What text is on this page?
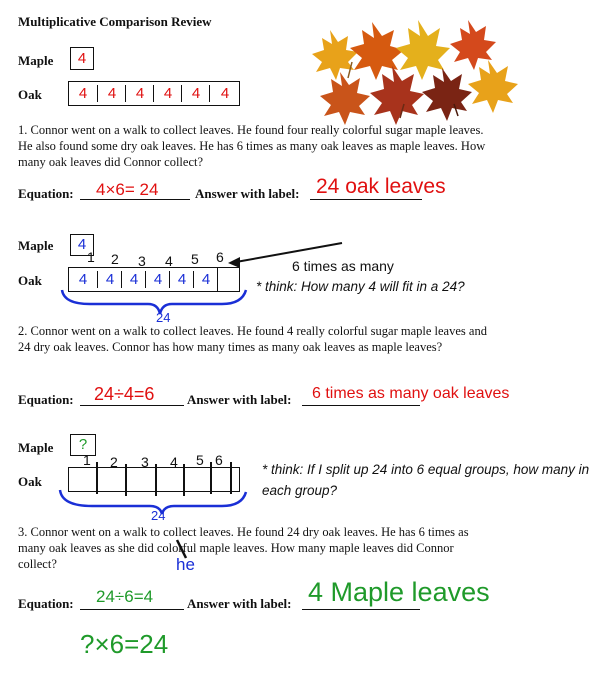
Multiplicative Comparison Review
Maple	4
Oak	4	4	4	4	4	4
1. Connor went on a walk to collect leaves. He found four really colorful sugar maple leaves. He also found some dry oak leaves. He has 6 times as many oak leaves as maple leaves. How many oak leaves did Connor collect?
Equation: 4×6= 24	Answer with label: 24 oak leaves
Maple	4
1 2 3 4 5 6
Oak	4	4	4	4	4	4
6 times as many
* think: How many 4 will fit in a 24?
24
2. Connor went on a walk to collect leaves. He found 4 really colorful sugar maple leaves and 24 dry oak leaves. Connor has how many times as many oak leaves as maple leaves?
Equation: 24÷4=6	Answer with label: 6 times as many oak leaves
Maple	?
1 2 3 4 5 6
Oak
* think: If I split up 24 into 6 equal groups, how many in each group?
24
3. Connor went on a walk to collect leaves. He found 24 dry oak leaves. He has 6 times as many oak leaves as she did colorful maple leaves. How many maple leaves did Connor collect?	he
Equation: 24÷6=4	Answer with label: 4 Maple leaves
?×6=24
